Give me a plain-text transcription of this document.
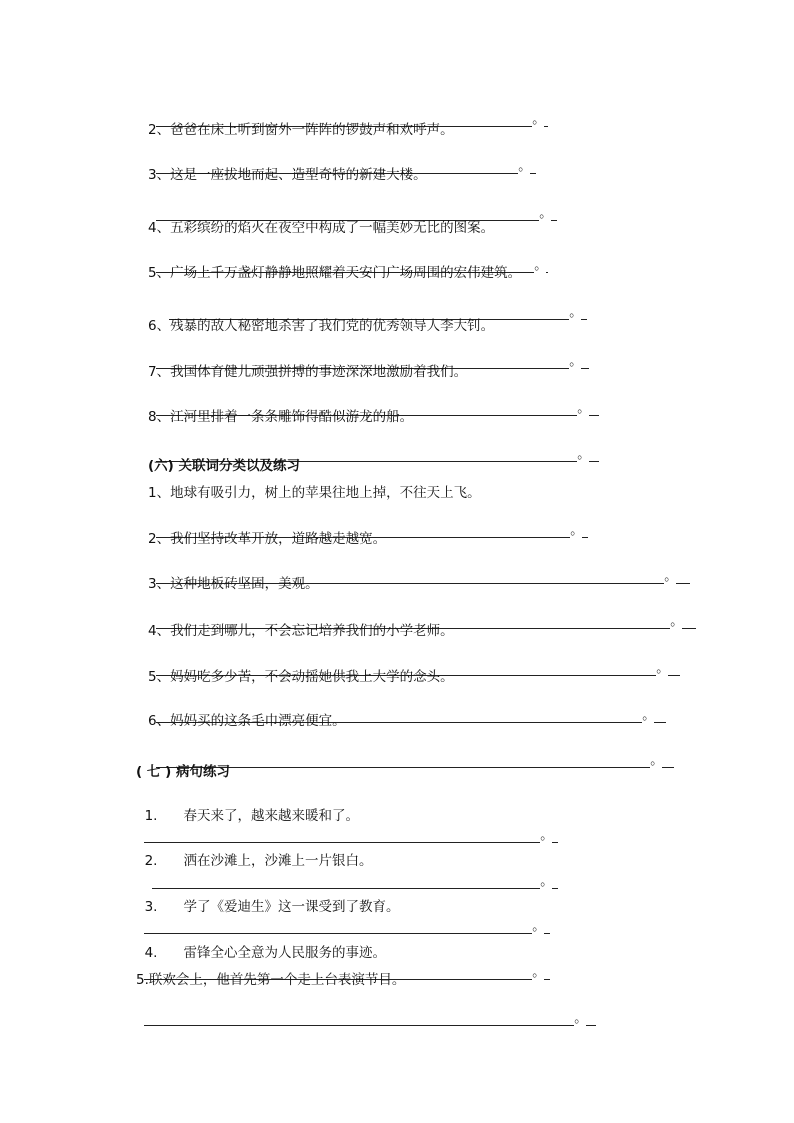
。

2、爸爸在床上听到窗外一阵阵的锣鼓声和欢呼声。

。

3、这是一座拔地而起、造型奇特的新建大楼。

。

4、五彩缤纷的焰火在夜空中构成了一幅美妙无比的图案。

。

5、广场上千万盏灯静静地照耀着天安门广场周围的宏伟建筑。

。

6、残暴的敌人秘密地杀害了我们党的优秀领导人李大钊。

。

7、我国体育健儿顽强拼搏的事迹深深地激励着我们。

。

8、江河里排着一条条雕饰得酷似游龙的船。

。

(六) 关联词分类以及练习
1、地球有吸引力，树上的苹果往地上掉，不往天上飞。

。

2、我们坚持改革开放，道路越走越宽。

。

3、这种地板砖坚固，美观。

。

4、我们走到哪儿，不会忘记培养我们的小学老师。

。

5、妈妈吃多少苦，不会动摇她供我上大学的念头。

。

6、妈妈买的这条毛巾漂亮便宜。

。

( 七 ) 病句练习

1. 春天来了，越来越来暖和了。

。

2. 洒在沙滩上，沙滩上一片银白。

。

3. 学了《爱迪生》这一课受到了教育。

。

4. 雷锋全心全意为人民服务的事迹。

。

5.联欢会上，他首先第一个走上台表演节目。

。
